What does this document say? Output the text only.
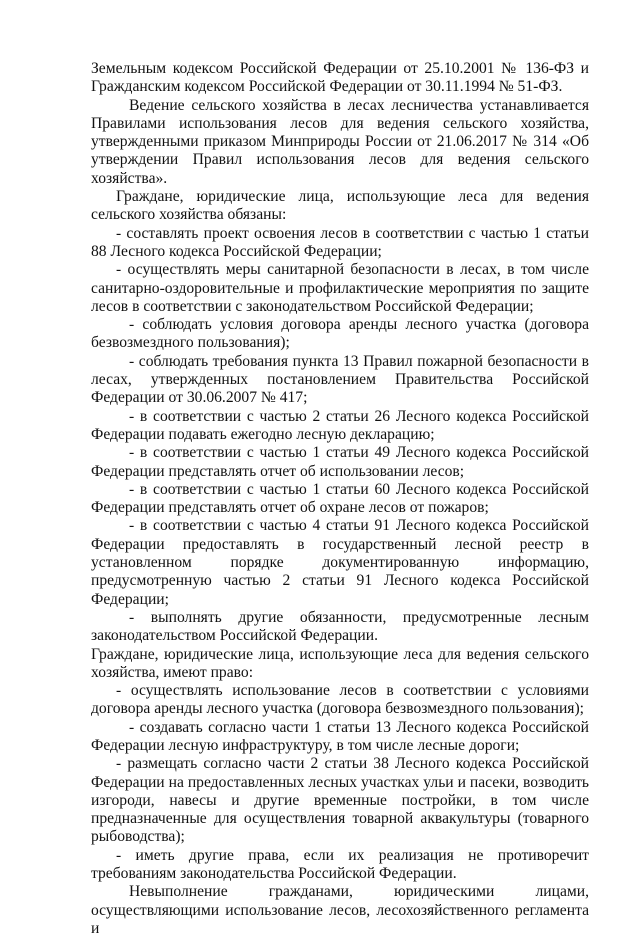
Земельным кодексом Российской Федерации от 25.10.2001 № 136-ФЗ и Гражданским кодексом Российской Федерации от 30.11.1994 № 51-ФЗ.

Ведение сельского хозяйства в лесах лесничества устанавливается Правилами использования лесов для ведения сельского хозяйства, утвержденными приказом Минприроды России от 21.06.2017 № 314 «Об утверждении Правил использования лесов для ведения сельского хозяйства».

Граждане, юридические лица, использующие леса для ведения сельского хозяйства обязаны:

- составлять проект освоения лесов в соответствии с частью 1 статьи 88 Лесного кодекса Российской Федерации;

- осуществлять меры санитарной безопасности в лесах, в том числе санитарно-оздоровительные и профилактические мероприятия по защите лесов в соответствии с законодательством Российской Федерации;

- соблюдать условия договора аренды лесного участка (договора безвозмездного пользования);

- соблюдать требования пункта 13 Правил пожарной безопасности в лесах, утвержденных постановлением Правительства Российской Федерации от 30.06.2007 № 417;

- в соответствии с частью 2 статьи 26 Лесного кодекса Российской Федерации подавать ежегодно лесную декларацию;

- в соответствии с частью 1 статьи 49 Лесного кодекса Российской Федерации представлять отчет об использовании лесов;

- в соответствии с частью 1 статьи 60 Лесного кодекса Российской Федерации представлять отчет об охране лесов от пожаров;

- в соответствии с частью 4 статьи 91 Лесного кодекса Российской Федерации предоставлять в государственный лесной реестр в установленном порядке документированную информацию, предусмотренную частью 2 статьи 91 Лесного кодекса Российской Федерации;

- выполнять другие обязанности, предусмотренные лесным законодательством Российской Федерации.

Граждане, юридические лица, использующие леса для ведения сельского хозяйства, имеют право:

- осуществлять использование лесов в соответствии с условиями договора аренды лесного участка (договора безвозмездного пользования);

- создавать согласно части 1 статьи 13 Лесного кодекса Российской Федерации лесную инфраструктуру, в том числе лесные дороги;

- размещать согласно части 2 статьи 38 Лесного кодекса Российской Федерации на предоставленных лесных участках ульи и пасеки, возводить изгороди, навесы и другие временные постройки, в том числе предназначенные для осуществления товарной аквакультуры (товарного рыбоводства);

- иметь другие права, если их реализация не противоречит требованиям законодательства Российской Федерации.

Невыполнение гражданами, юридическими лицами, осуществляющими использование лесов, лесохозяйственного регламента и
